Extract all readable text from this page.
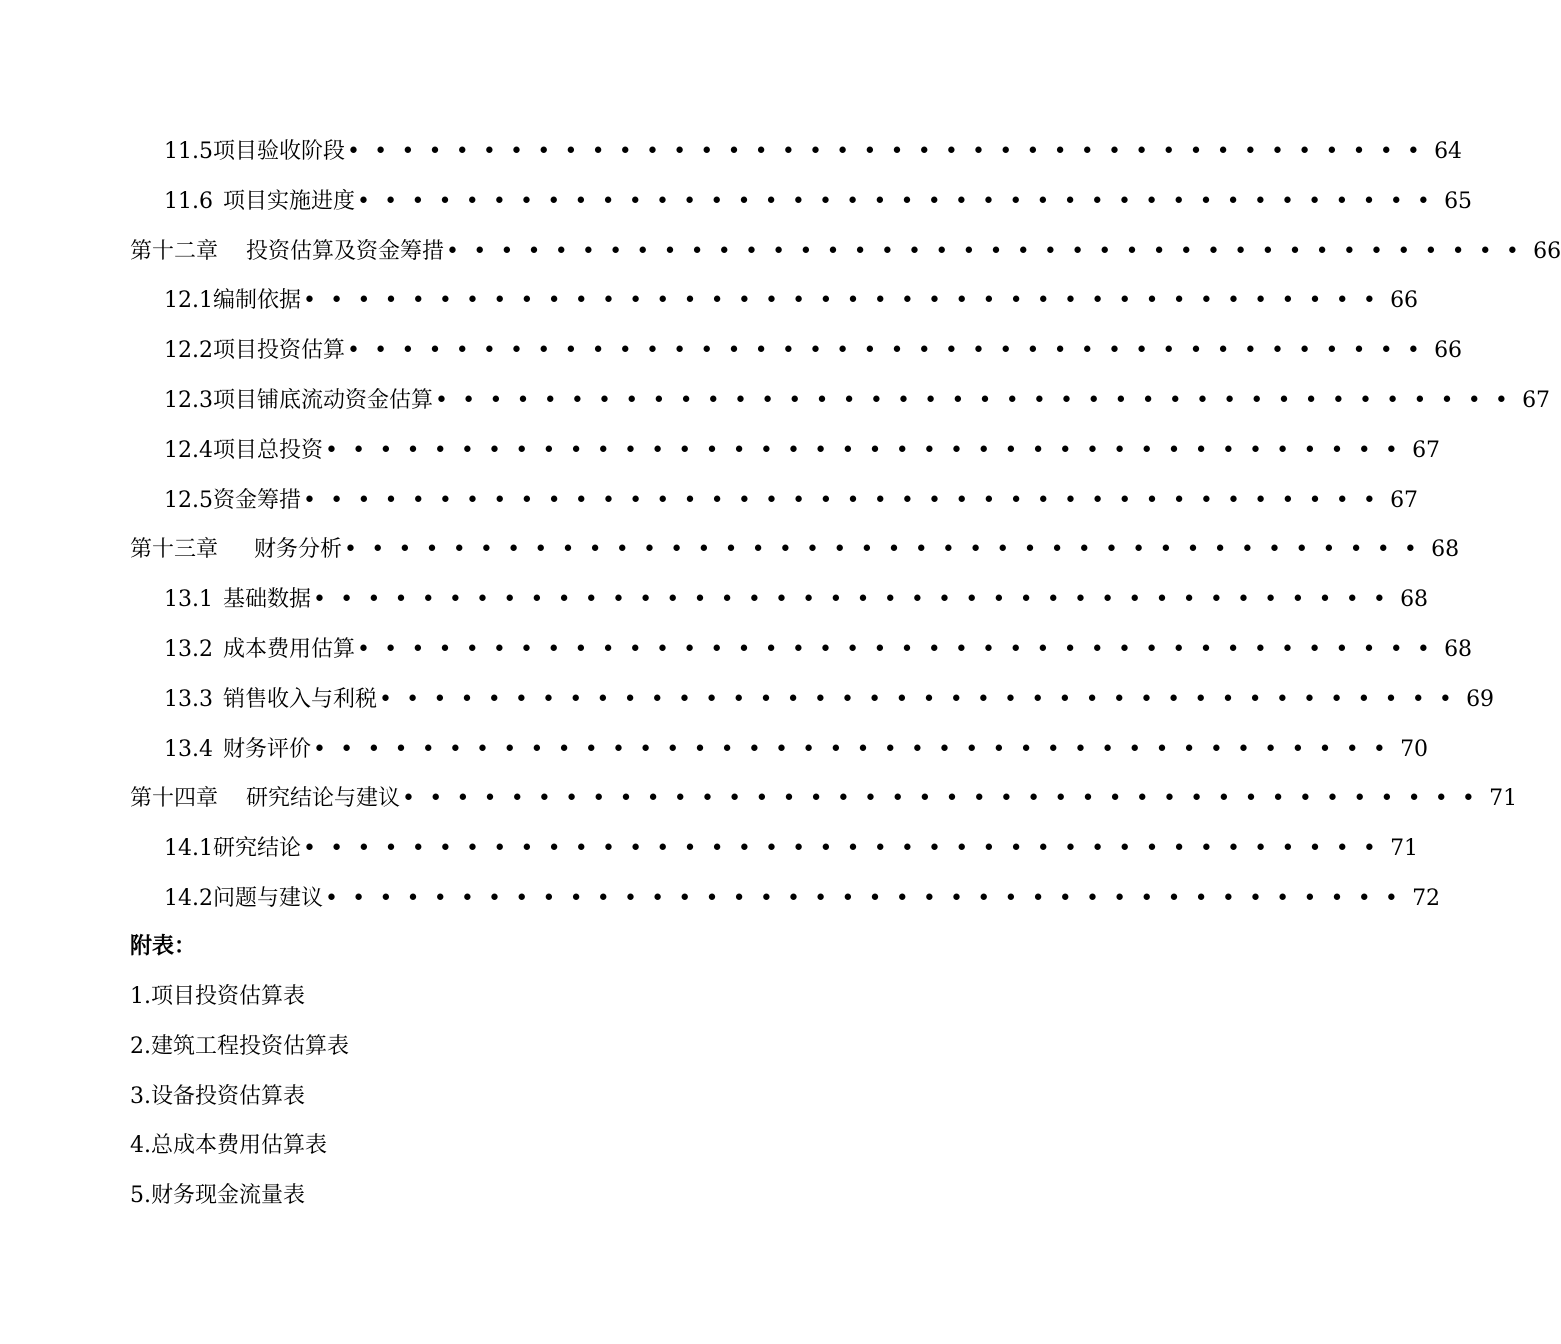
11.5 项目验收阶段 •••••••••••••••••••••••••••••••••••••••• 64
11.6 项目实施进度 •••••••••••••••••••••••••••••••••••••••• 65
第十二章 投资估算及资金筹措 •••••••••••••••••••••••••••••••••••••••• 66
12.1 编制依据 •••••••••••••••••••••••••••••••••••••••• 66
12.2 项目投资估算 •••••••••••••••••••••••••••••••••••••••• 66
12.3 项目铺底流动资金估算 •••••••••••••••••••••••••••••••••••••••• 67
12.4 项目总投资 •••••••••••••••••••••••••••••••••••••••• 67
12.5 资金筹措 •••••••••••••••••••••••••••••••••••••••• 67
第十三章 财务分析 •••••••••••••••••••••••••••••••••••••••• 68
13.1 基础数据 •••••••••••••••••••••••••••••••••••••••• 68
13.2 成本费用估算 •••••••••••••••••••••••••••••••••••••••• 68
13.3 销售收入与利税 •••••••••••••••••••••••••••••••••••••••• 69
13.4 财务评价 •••••••••••••••••••••••••••••••••••••••• 70
第十四章 研究结论与建议 •••••••••••••••••••••••••••••••••••••••• 71
14.1 研究结论 •••••••••••••••••••••••••••••••••••••••• 71
14.2 问题与建议 •••••••••••••••••••••••••••••••••••••••• 72
附表：
1.项目投资估算表
2.建筑工程投资估算表
3.设备投资估算表
4.总成本费用估算表
5.财务现金流量表
